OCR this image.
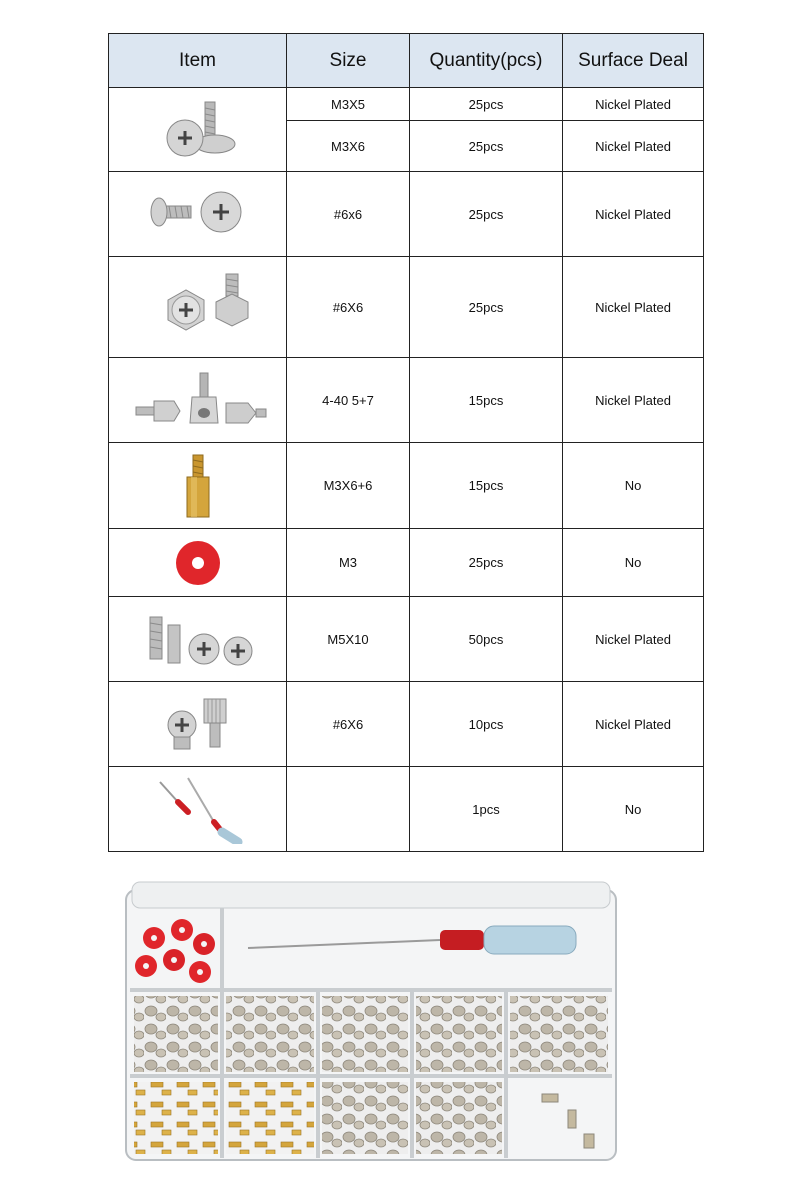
Item	Size	Quantity(pcs)	Surface Deal

	M3X5	25pcs	Nickel Plated
	M3X6	25pcs	Nickel Plated

	#6x6	25pcs	Nickel Plated

	#6X6	25pcs	Nickel Plated

	4-40 5+7	15pcs	Nickel Plated

	M3X6+6	15pcs	No

	M3	25pcs	No

	M5X10	50pcs	Nickel Plated

	#6X6	10pcs	Nickel Plated

		1pcs	No
